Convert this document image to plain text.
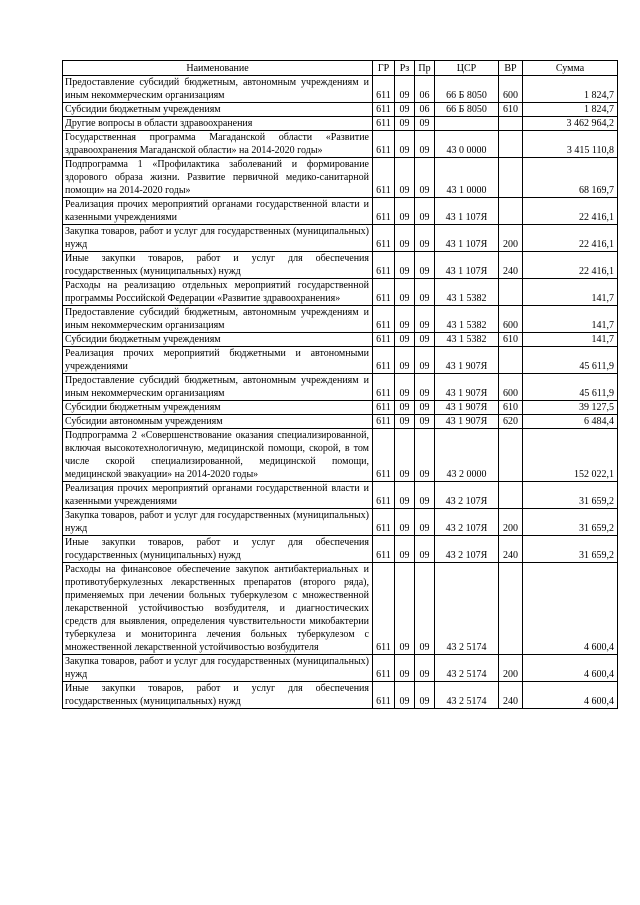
Наименование	ГР	Рз	Пр	ЦСР	ВР	Сумма
Предоставление субсидий бюджетным, автономным учреждениям и иным некоммерческим организациям	611	09	06	66 Б 8050	600	1 824,7
Субсидии бюджетным учреждениям	611	09	06	66 Б 8050	610	1 824,7
Другие вопросы в области здравоохранения	611	09	09			3 462 964,2
Государственная программа Магаданской области «Развитие здравоохранения Магаданской области» на 2014-2020 годы»	611	09	09	43 0 0000		3 415 110,8
Подпрограмма 1 «Профилактика заболеваний и формирование здорового образа жизни. Развитие первичной медико-санитарной помощи» на 2014-2020 годы»	611	09	09	43 1 0000		68 169,7
Реализация прочих мероприятий органами государственной власти и казенными учреждениями	611	09	09	43 1 107Я		22 416,1
Закупка товаров, работ и услуг для государственных (муниципальных) нужд	611	09	09	43 1 107Я	200	22 416,1
Иные закупки товаров, работ и услуг для обеспечения государственных (муниципальных) нужд	611	09	09	43 1 107Я	240	22 416,1
Расходы на реализацию отдельных мероприятий государственной программы Российской Федерации «Развитие здравоохранения»	611	09	09	43 1 5382		141,7
Предоставление субсидий бюджетным, автономным учреждениям и иным некоммерческим организациям	611	09	09	43 1 5382	600	141,7
Субсидии бюджетным учреждениям	611	09	09	43 1 5382	610	141,7
Реализация прочих мероприятий бюджетными и автономными учреждениями	611	09	09	43 1 907Я		45 611,9
Предоставление субсидий бюджетным, автономным учреждениям и иным некоммерческим организациям	611	09	09	43 1 907Я	600	45 611,9
Субсидии бюджетным учреждениям	611	09	09	43 1 907Я	610	39 127,5
Субсидии автономным учреждениям	611	09	09	43 1 907Я	620	6 484,4
Подпрограмма 2 «Совершенствование оказания специализированной, включая высокотехнологичную, медицинской помощи, скорой, в том числе скорой специализированной, медицинской помощи, медицинской эвакуации» на 2014-2020 годы»	611	09	09	43 2 0000		152 022,1
Реализация прочих мероприятий органами государственной власти и казенными учреждениями	611	09	09	43 2 107Я		31 659,2
Закупка товаров, работ и услуг для государственных (муниципальных) нужд	611	09	09	43 2 107Я	200	31 659,2
Иные закупки товаров, работ и услуг для обеспечения государственных (муниципальных) нужд	611	09	09	43 2 107Я	240	31 659,2
Расходы на финансовое обеспечение закупок антибактериальных и противотуберкулезных лекарственных препаратов (второго ряда), применяемых при лечении больных туберкулезом с множественной лекарственной устойчивостью возбудителя, и диагностических средств для выявления, определения чувствительности микобактерии туберкулеза и мониторинга лечения больных туберкулезом с множественной лекарственной устойчивостью возбудителя	611	09	09	43 2 5174		4 600,4
Закупка товаров, работ и услуг для государственных (муниципальных) нужд	611	09	09	43 2 5174	200	4 600,4
Иные закупки товаров, работ и услуг для обеспечения государственных (муниципальных) нужд	611	09	09	43 2 5174	240	4 600,4
